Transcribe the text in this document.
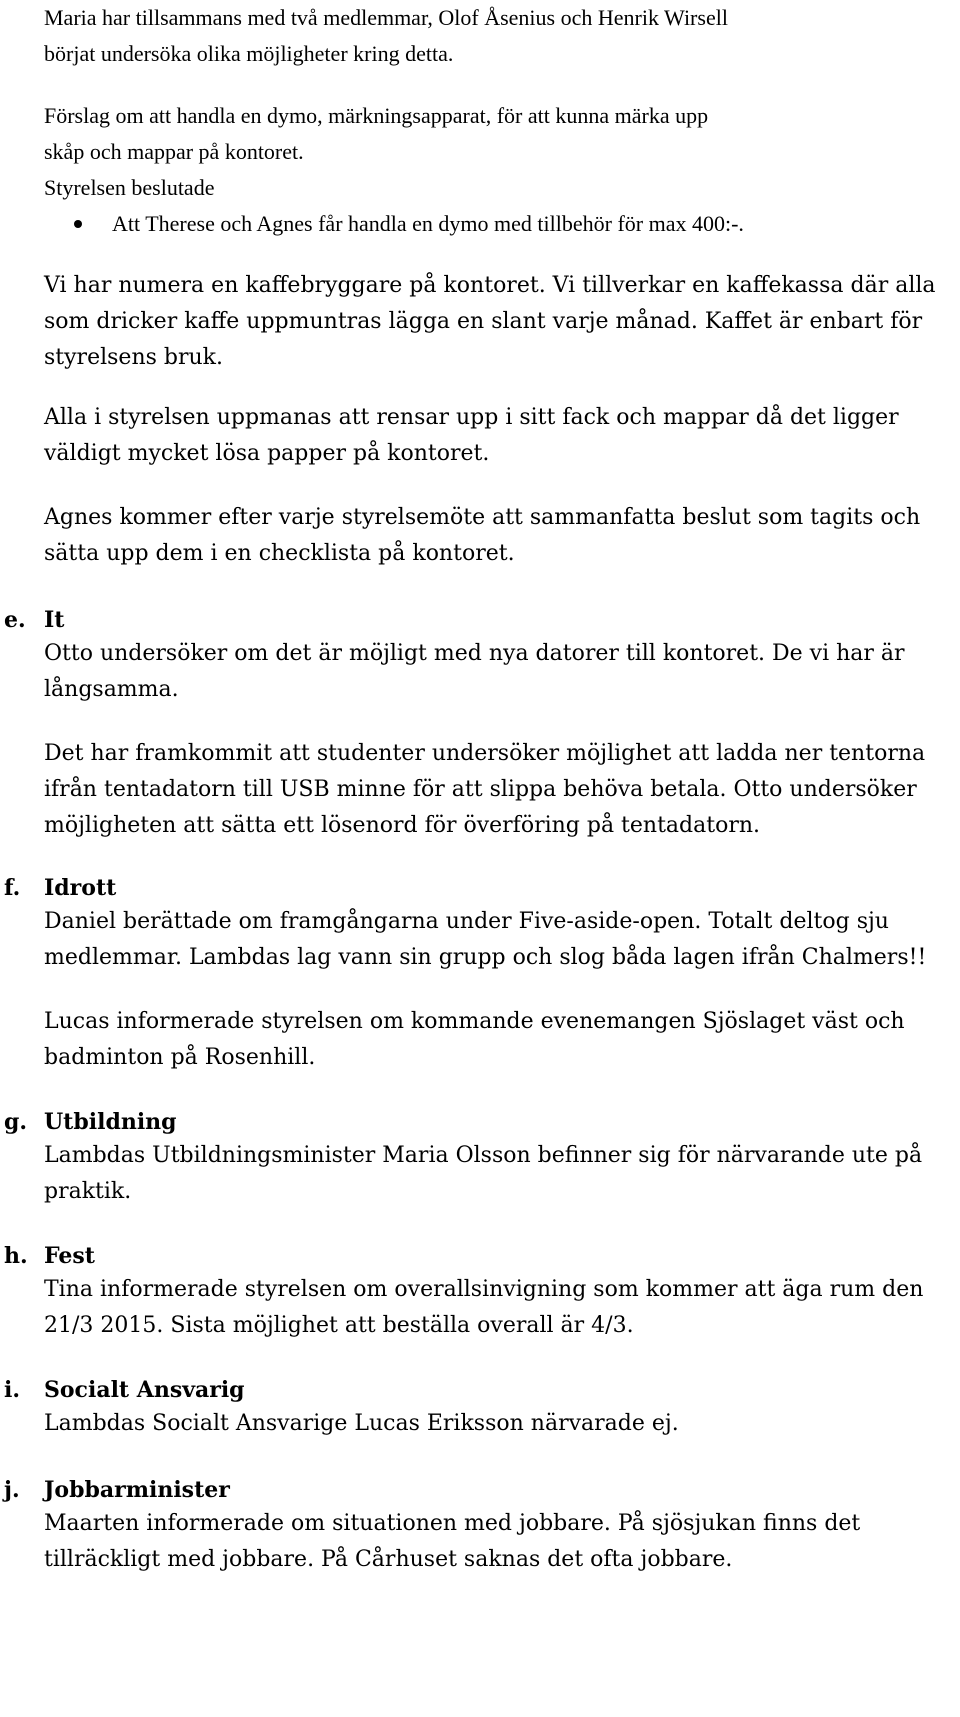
Maria har tillsammans med två medlemmar, Olof Åsenius och Henrik Wirsell

börjat undersöka olika möjligheter kring detta.

Förslag om att handla en dymo, märkningsapparat, för att kunna märka upp

skåp och mappar på kontoret.

Styrelsen beslutade

Att Therese och Agnes får handla en dymo med tillbehör för max 400:-.

Vi har numera en kaffebryggare på kontoret. Vi tillverkar en kaffekassa där alla

som dricker kaffe uppmuntras lägga en slant varje månad. Kaffet är enbart för

styrelsens bruk.

Alla i styrelsen uppmanas att rensar upp i sitt fack och mappar då det ligger

väldigt mycket lösa papper på kontoret.

Agnes kommer efter varje styrelsemöte att sammanfatta beslut som tagits och

sätta upp dem i en checklista på kontoret.

e. It

Otto undersöker om det är möjligt med nya datorer till kontoret. De vi har är

långsamma.

Det har framkommit att studenter undersöker möjlighet att ladda ner tentorna

ifrån tentadatorn till USB minne för att slippa behöva betala. Otto undersöker

möjligheten att sätta ett lösenord för överföring på tentadatorn.

f. Idrott

Daniel berättade om framgångarna under Five-aside-open. Totalt deltog sju

medlemmar. Lambdas lag vann sin grupp och slog båda lagen ifrån Chalmers!!

Lucas informerade styrelsen om kommande evenemangen Sjöslaget väst och

badminton på Rosenhill.

g. Utbildning

Lambdas Utbildningsminister Maria Olsson befinner sig för närvarande ute på

praktik.

h. Fest

Tina informerade styrelsen om overallsinvigning som kommer att äga rum den

21/3 2015. Sista möjlighet att beställa overall är 4/3.

i. Socialt Ansvarig

Lambdas Socialt Ansvarige Lucas Eriksson närvarade ej.

j. Jobbarminister

Maarten informerade om situationen med jobbare. På sjösjukan finns det

tillräckligt med jobbare. På Cårhuset saknas det ofta jobbare.
